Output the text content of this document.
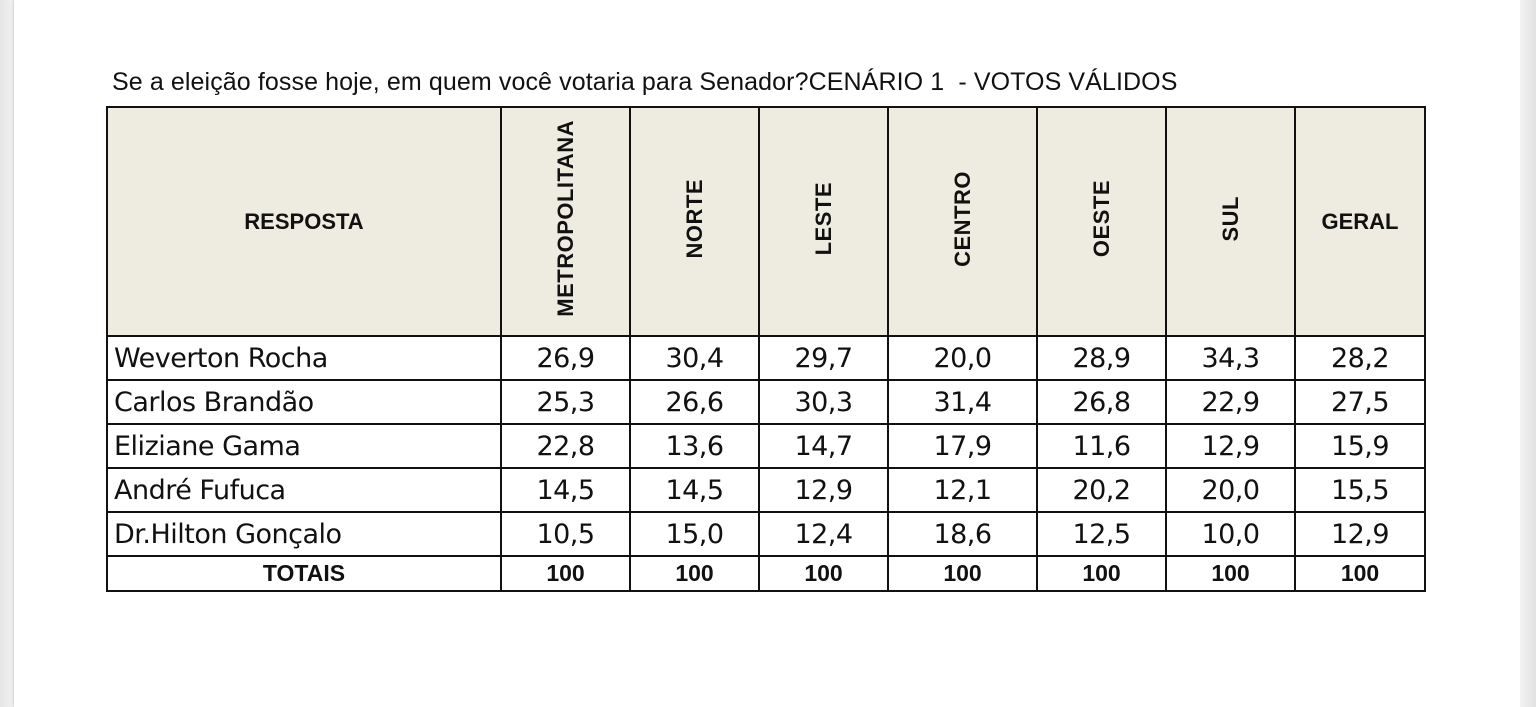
Se a eleição fosse hoje, em quem você votaria para Senador?CENÁRIO 1  - VOTOS VÁLIDOS
RESPOSTA	METROPOLITANA	NORTE	LESTE	CENTRO	OESTE	SUL	GERAL
Weverton Rocha	26,9	30,4	29,7	20,0	28,9	34,3	28,2
Carlos Brandão	25,3	26,6	30,3	31,4	26,8	22,9	27,5
Eliziane Gama	22,8	13,6	14,7	17,9	11,6	12,9	15,9
André Fufuca	14,5	14,5	12,9	12,1	20,2	20,0	15,5
Dr.Hilton Gonçalo	10,5	15,0	12,4	18,6	12,5	10,0	12,9
TOTAIS	100	100	100	100	100	100	100
